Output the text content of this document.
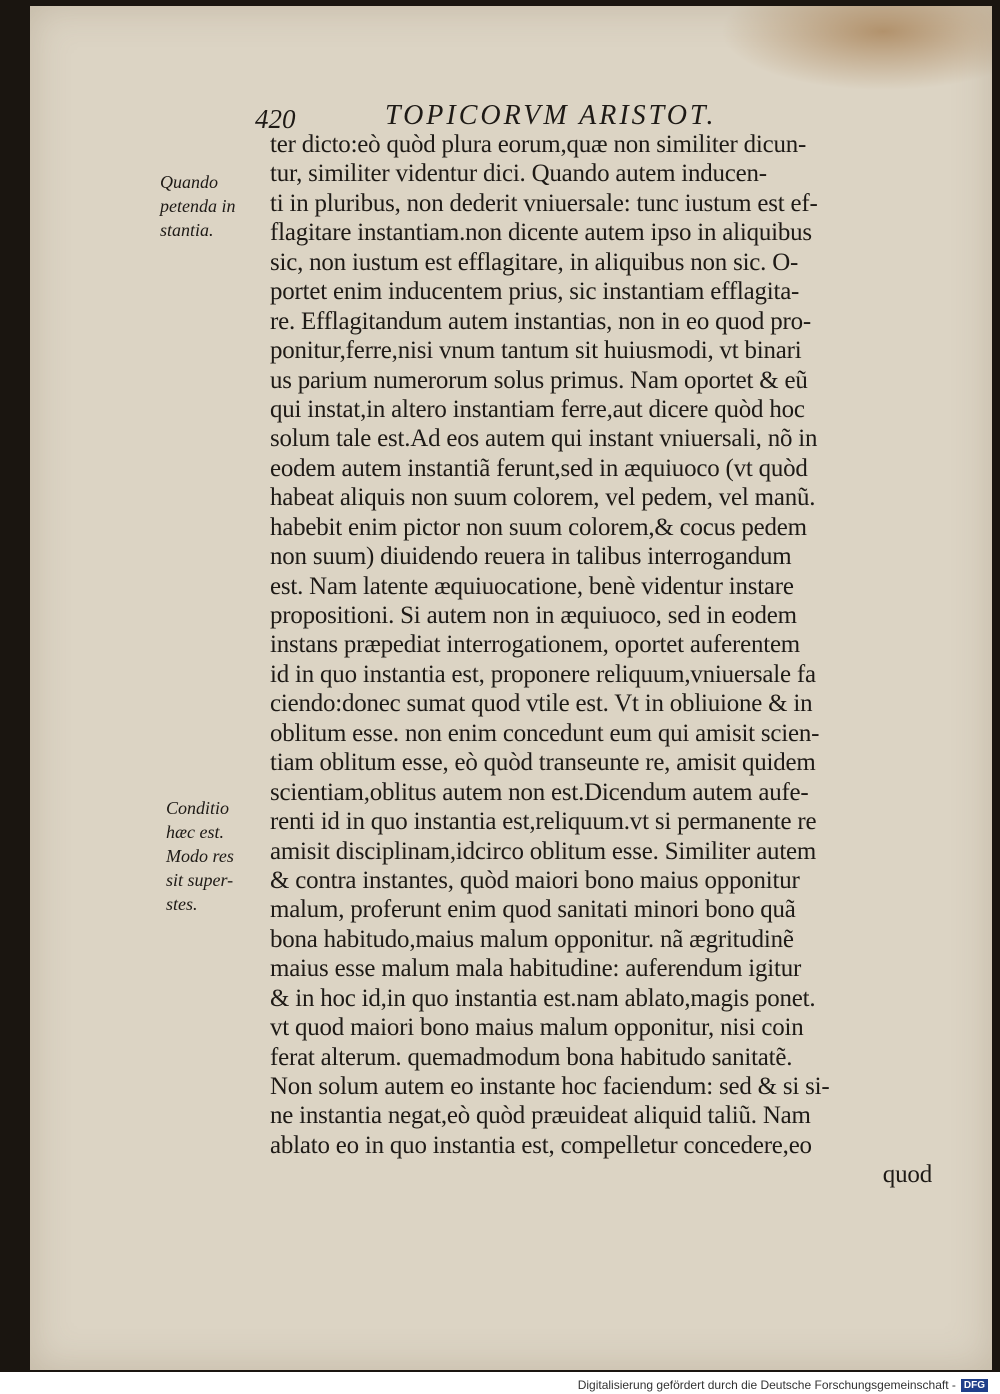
420	TOPICORVM ARISTOT.
Quando
petenda in
stantia.
Conditio
hæc est.
Modo res
sit super-
stes.
ter dicto:eò quòd plura eorum,quæ non similiter dicun-
tur, similiter videntur dici. Quando autem inducen-
ti in pluribus, non dederit vniuersale: tunc iustum est ef-
flagitare instantiam.non dicente autem ipso in aliquibus
sic, non iustum est efflagitare, in aliquibus non sic. O-
portet enim inducentem prius, sic instantiam efflagita-
re. Efflagitandum autem instantias, non in eo quod pro-
ponitur,ferre,nisi vnum tantum sit huiusmodi, vt binari
us parium numerorum solus primus. Nam oportet & eũ
qui instat,in altero instantiam ferre,aut dicere quòd hoc
solum tale est.Ad eos autem qui instant vniuersali, nõ in
eodem autem instantiã ferunt,sed in æquiuoco (vt quòd
habeat aliquis non suum colorem, vel pedem, vel manũ.
habebit enim pictor non suum colorem,& cocus pedem
non suum) diuidendo reuera in talibus interrogandum
est. Nam latente æquiuocatione, benè videntur instare
propositioni. Si autem non in æquiuoco, sed in eodem
instans præpediat interrogationem, oportet auferentem
id in quo instantia est, proponere reliquum,vniuersale fa
ciendo:donec sumat quod vtile est. Vt in obliuione & in
oblitum esse. non enim concedunt eum qui amisit scien-
tiam oblitum esse, eò quòd transeunte re, amisit quidem
scientiam,oblitus autem non est.Dicendum autem aufe-
renti id in quo instantia est,reliquum.vt si permanente re
amisit disciplinam,idcirco oblitum esse. Similiter autem
& contra instantes, quòd maiori bono maius opponitur
malum, proferunt enim quod sanitati minori bono quã
bona habitudo,maius malum opponitur. nã ægritudinẽ
maius esse malum mala habitudine: auferendum igitur
& in hoc id,in quo instantia est.nam ablato,magis ponet.
vt quod maiori bono maius malum opponitur, nisi coin
ferat alterum. quemadmodum bona habitudo sanitatẽ.
Non solum autem eo instante hoc faciendum: sed & si si-
ne instantia negat,eò quòd præuideat aliquid taliũ. Nam
ablato eo in quo instantia est, compelletur concedere,eo
quod
Digitalisierung gefördert durch die Deutsche Forschungsgemeinschaft - DFG
